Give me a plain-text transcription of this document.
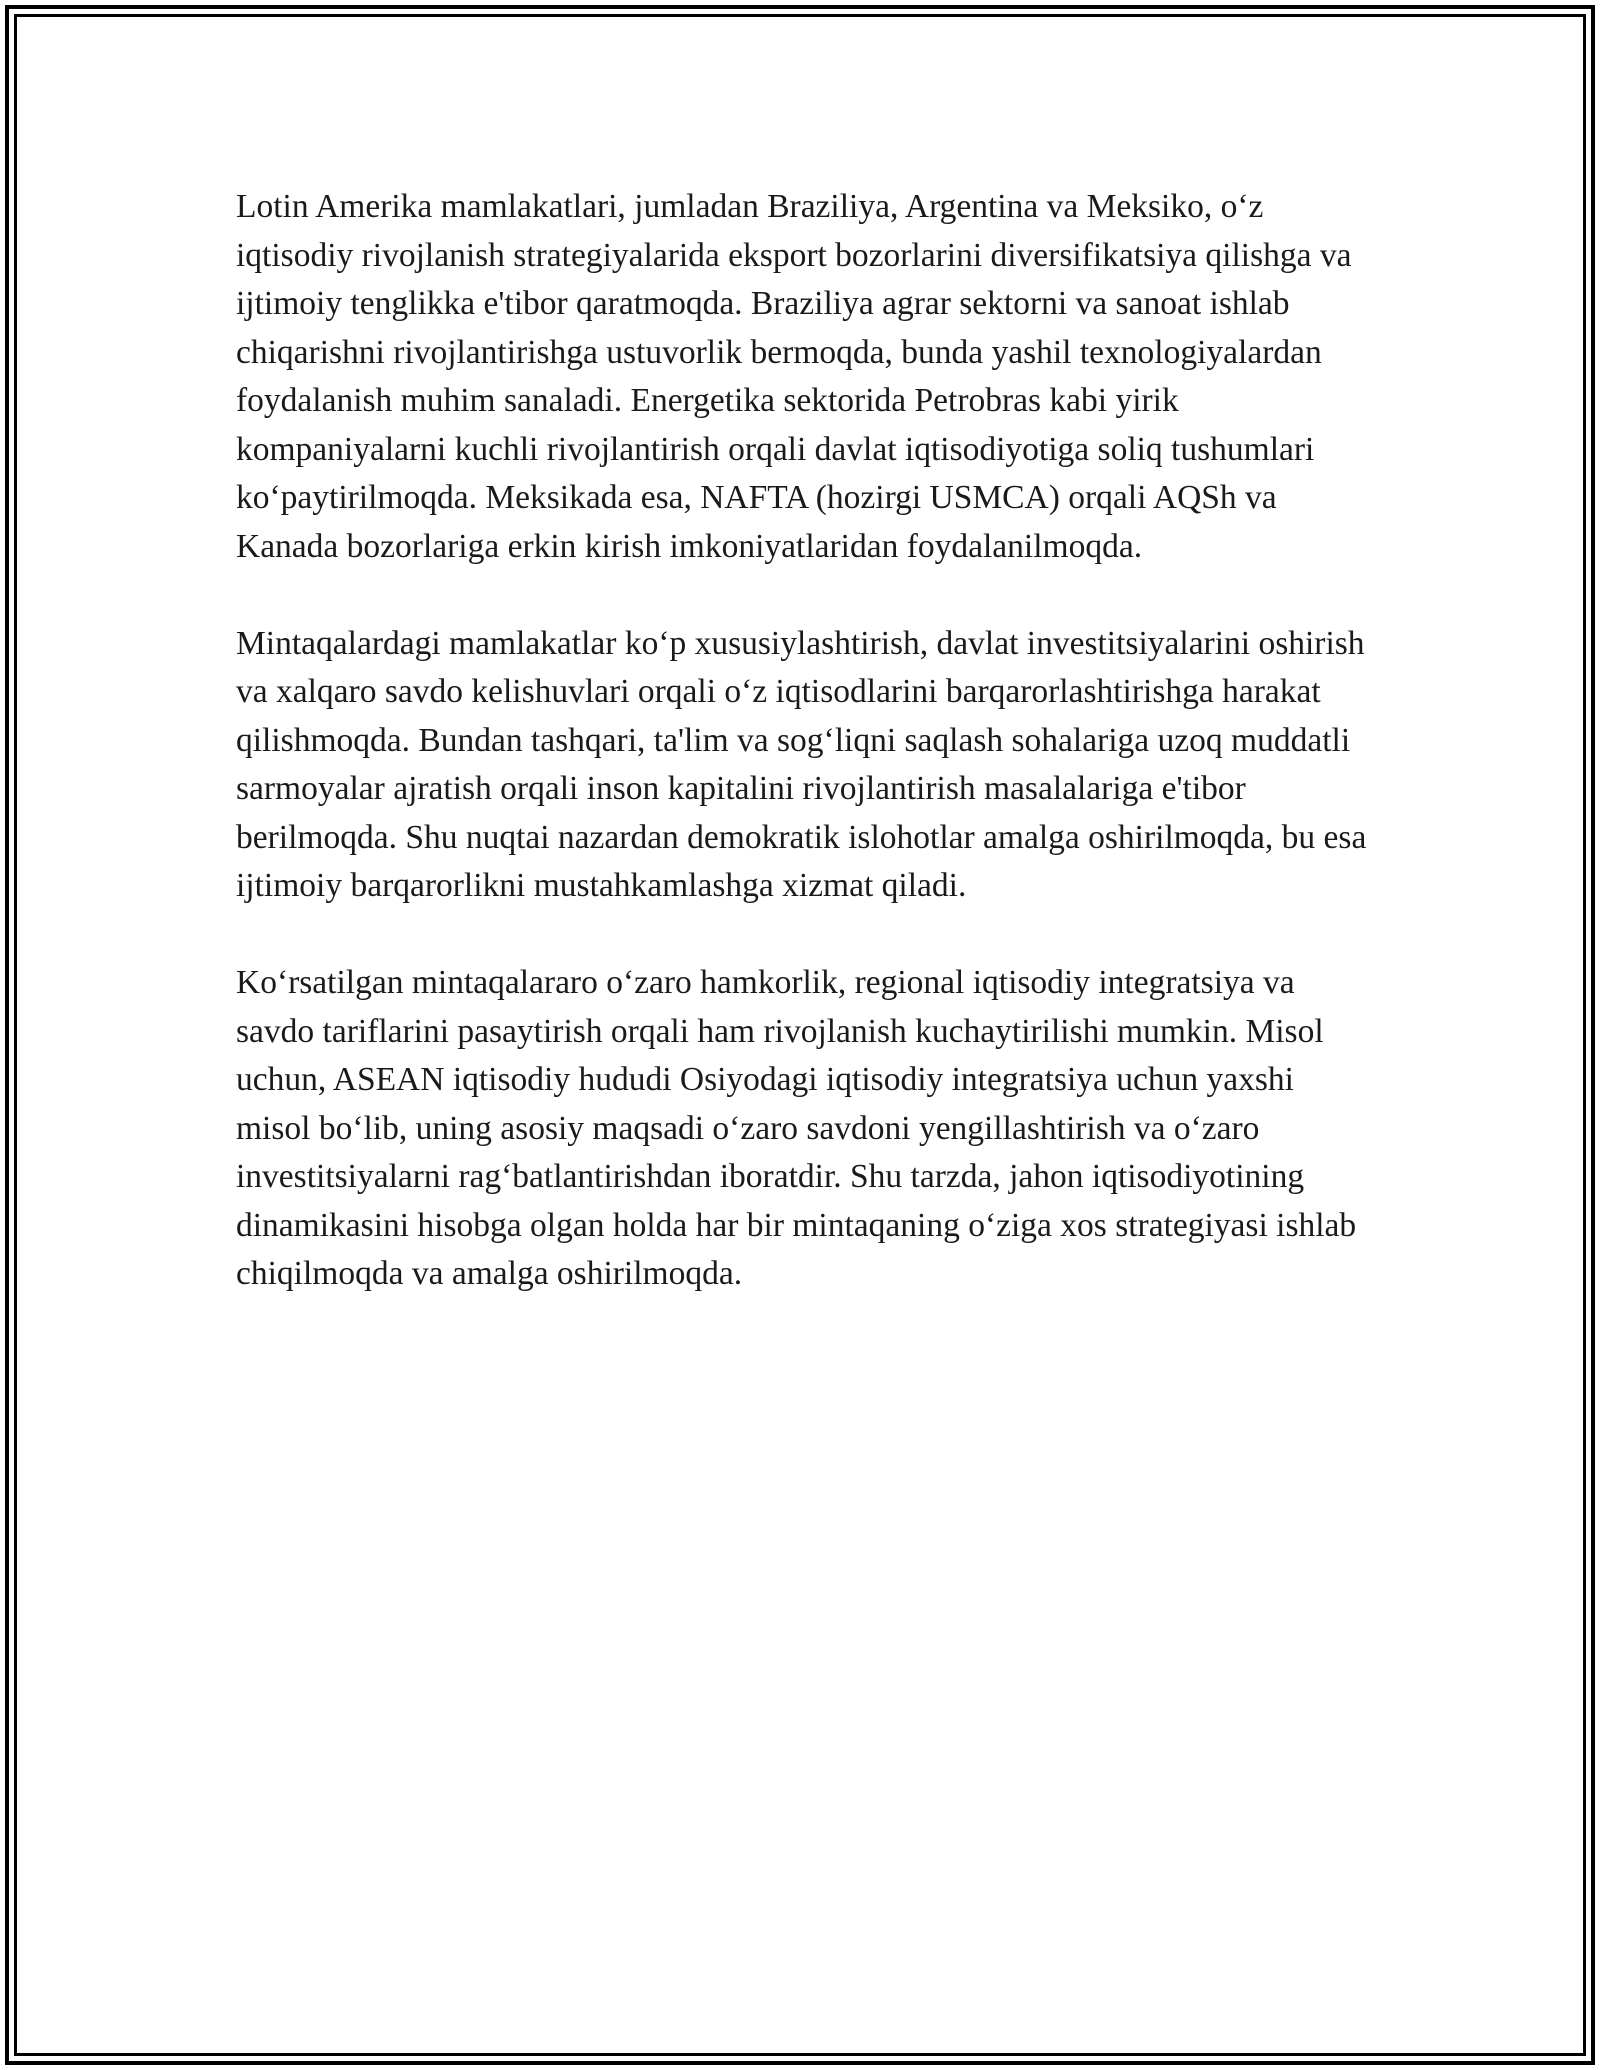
Lotin Amerika mamlakatlari, jumladan Braziliya, Argentina va Meksiko, o‘z iqtisodiy rivojlanish strategiyalarida eksport bozorlarini diversifikatsiya qilishga va ijtimoiy tenglikka e'tibor qaratmoqda. Braziliya agrar sektorni va sanoat ishlab chiqarishni rivojlantirishga ustuvorlik bermoqda, bunda yashil texnologiyalardan foydalanish muhim sanaladi. Energetika sektorida Petrobras kabi yirik kompaniyalarni kuchli rivojlantirish orqali davlat iqtisodiyotiga soliq tushumlari ko‘paytirilmoqda. Meksikada esa, NAFTA (hozirgi USMCA) orqali AQSh va Kanada bozorlariga erkin kirish imkoniyatlaridan foydalanilmoqda.

Mintaqalardagi mamlakatlar ko‘p xususiylashtirish, davlat investitsiyalarini oshirish va xalqaro savdo kelishuvlari orqali o‘z iqtisodlarini barqarorlashtirishga harakat qilishmoqda. Bundan tashqari, ta'lim va sog‘liqni saqlash sohalariga uzoq muddatli sarmoyalar ajratish orqali inson kapitalini rivojlantirish masalalariga e'tibor berilmoqda. Shu nuqtai nazardan demokratik islohotlar amalga oshirilmoqda, bu esa ijtimoiy barqarorlikni mustahkamlashga xizmat qiladi.

Ko‘rsatilgan mintaqalararo o‘zaro hamkorlik, regional iqtisodiy integratsiya va savdo tariflarini pasaytirish orqali ham rivojlanish kuchaytirilishi mumkin. Misol uchun, ASEAN iqtisodiy hududi Osiyodagi iqtisodiy integratsiya uchun yaxshi misol bo‘lib, uning asosiy maqsadi o‘zaro savdoni yengillashtirish va o‘zaro investitsiyalarni rag‘batlantirishdan iboratdir. Shu tarzda, jahon iqtisodiyotining dinamikasini hisobga olgan holda har bir mintaqaning o‘ziga xos strategiyasi ishlab chiqilmoqda va amalga oshirilmoqda.
